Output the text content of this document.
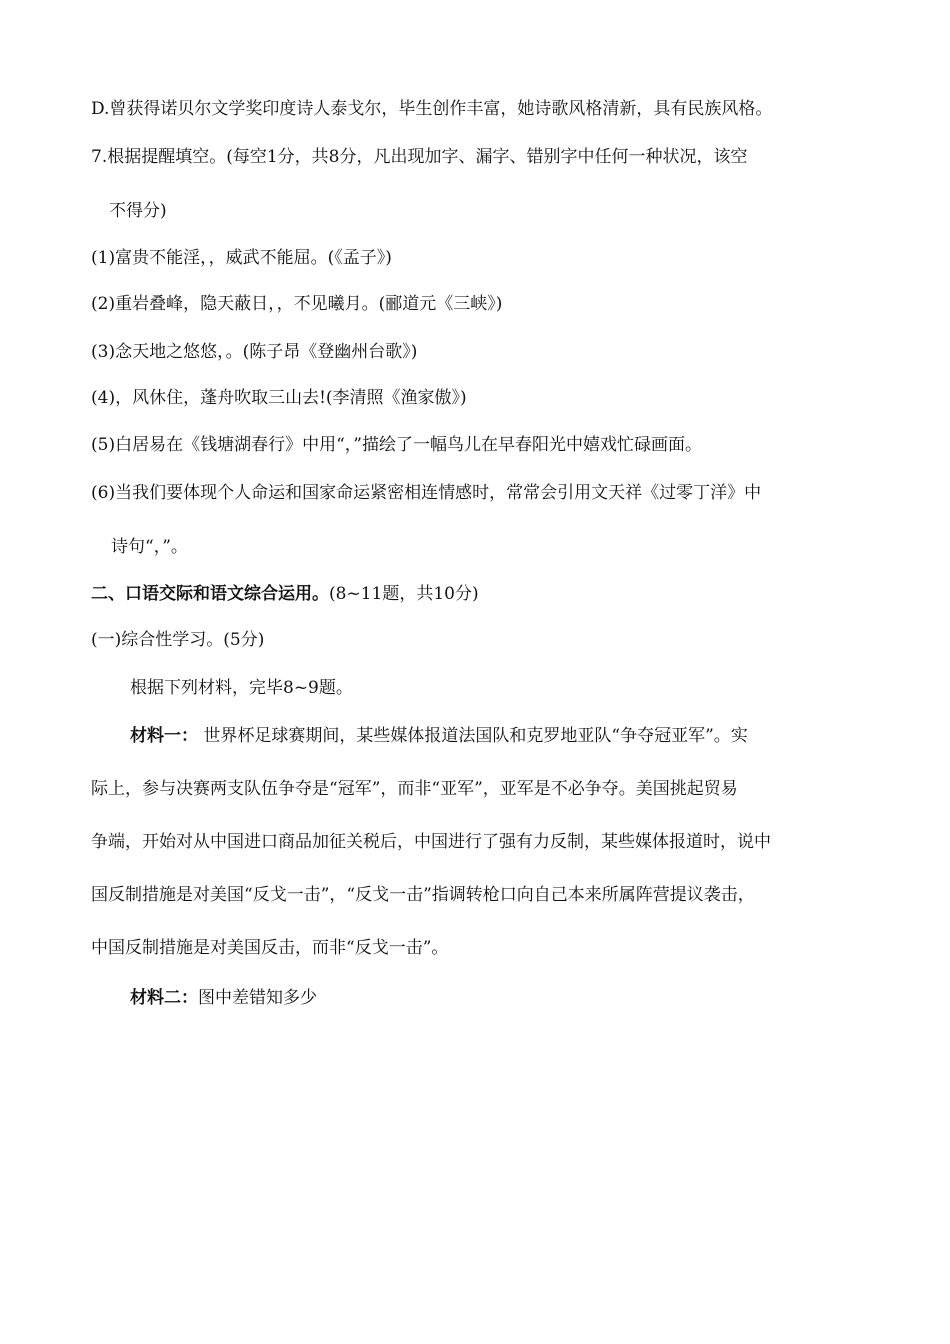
D.曾获得诺贝尔文学奖印度诗人泰戈尔，毕生创作丰富，她诗歌风格清新，具有民族风格。
7.根据提醒填空。(每空1分，共8分，凡出现加字、漏字、错别字中任何一种状况，该空
不得分)
(1)富贵不能淫，，威武不能屈。(《孟子》)
(2)重岩叠峰，隐天蔽日，，不见曦月。(郦道元《三峡》)
(3)念天地之悠悠，。(陈子昂《登幽州台歌》)
(4)，风休住，蓬舟吹取三山去!(李清照《渔家傲》)
(5)白居易在《钱塘湖春行》中用“，”描绘了一幅鸟儿在早春阳光中嬉戏忙碌画面。
(6)当我们要体现个人命运和国家命运紧密相连情感时，常常会引用文天祥《过零丁洋》中
诗句“，”。
二、口语交际和语文综合运用。(8~11题，共10分)
(一)综合性学习。(5分)
根据下列材料，完毕8~9题。
材料一： 世界杯足球赛期间，某些媒体报道法国队和克罗地亚队“争夺冠亚军”。实
际上，参与决赛两支队伍争夺是“冠军”，而非“亚军”，亚军是不必争夺。美国挑起贸易
争端，开始对从中国进口商品加征关税后，中国进行了强有力反制，某些媒体报道时，说中
国反制措施是对美国“反戈一击”，“反戈一击”指调转枪口向自己本来所属阵营提议袭击，
中国反制措施是对美国反击，而非“反戈一击”。
材料二：图中差错知多少
